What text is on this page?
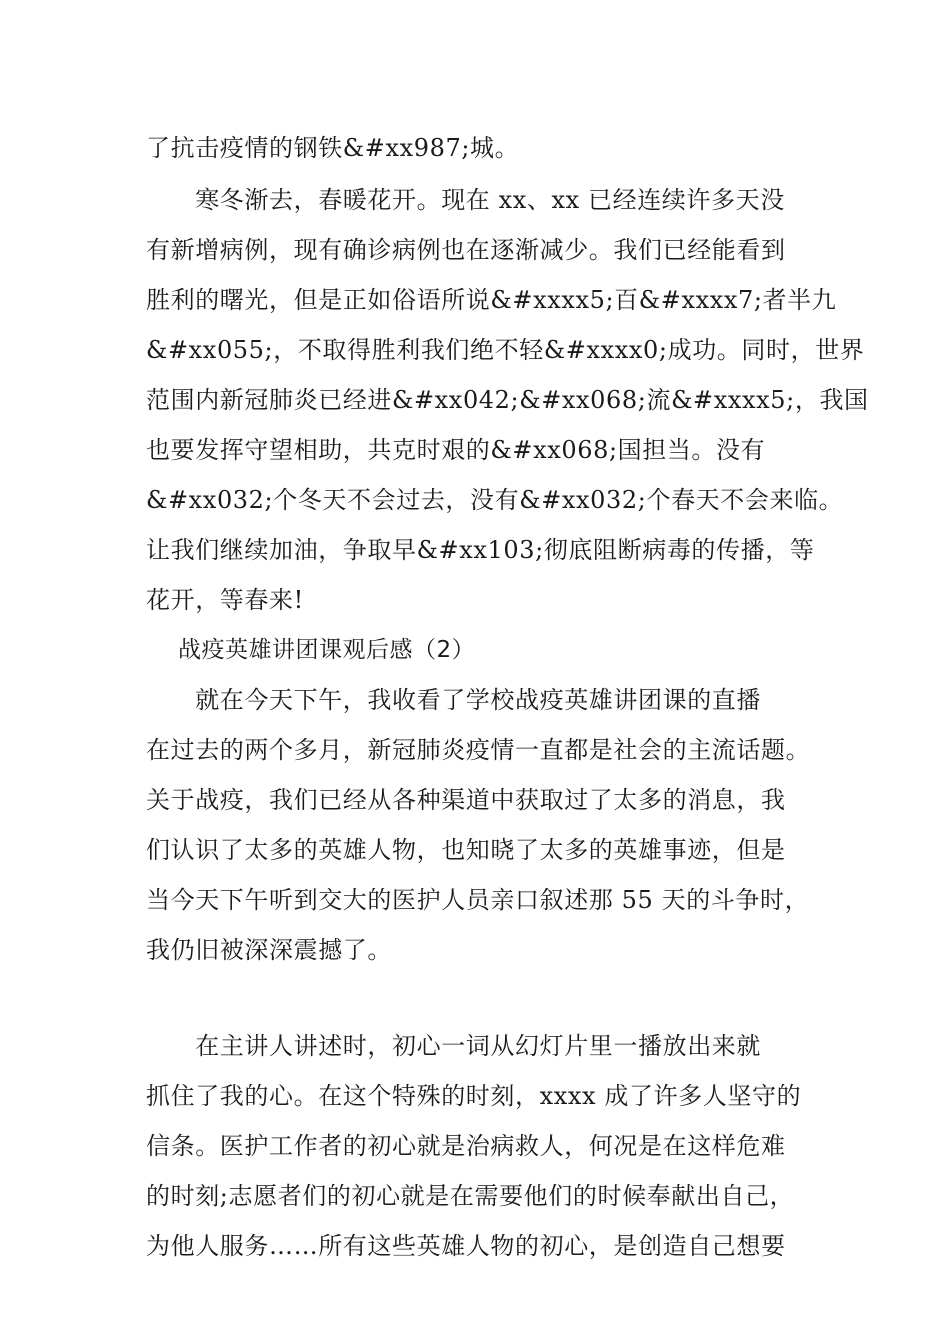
了抗击疫情的钢铁&#xx987;城。
　　寒冬渐去，春暖花开。现在 xx、xx 已经连续许多天没
有新增病例，现有确诊病例也在逐渐减少。我们已经能看到
胜利的曙光，但是正如俗语所说&#xxxx5;百&#xxxx7;者半九
&#xx055;，不取得胜利我们绝不轻&#xxxx0;成功。同时，世界
范围内新冠肺炎已经进&#xx042;&#xx068;流&#xxxx5;，我国
也要发挥守望相助，共克时艰的&#xx068;国担当。没有
&#xx032;个冬天不会过去，没有&#xx032;个春天不会来临。
让我们继续加油，争取早&#xx103;彻底阻断病毒的传播，等
花开，等春来!
战疫英雄讲团课观后感（2）
　　就在今天下午，我收看了学校战疫英雄讲团课的直播
在过去的两个多月，新冠肺炎疫情一直都是社会的主流话题。
关于战疫，我们已经从各种渠道中获取过了太多的消息，我
们认识了太多的英雄人物，也知晓了太多的英雄事迹，但是
当今天下午听到交大的医护人员亲口叙述那 55 天的斗争时，
我仍旧被深深震撼了。
　　在主讲人讲述时，初心一词从幻灯片里一播放出来就
抓住了我的心。在这个特殊的时刻，xxxx 成了许多人坚守的
信条。医护工作者的初心就是治病救人，何况是在这样危难
的时刻;志愿者们的初心就是在需要他们的时候奉献出自己，
为他人服务……所有这些英雄人物的初心，是创造自己想要
